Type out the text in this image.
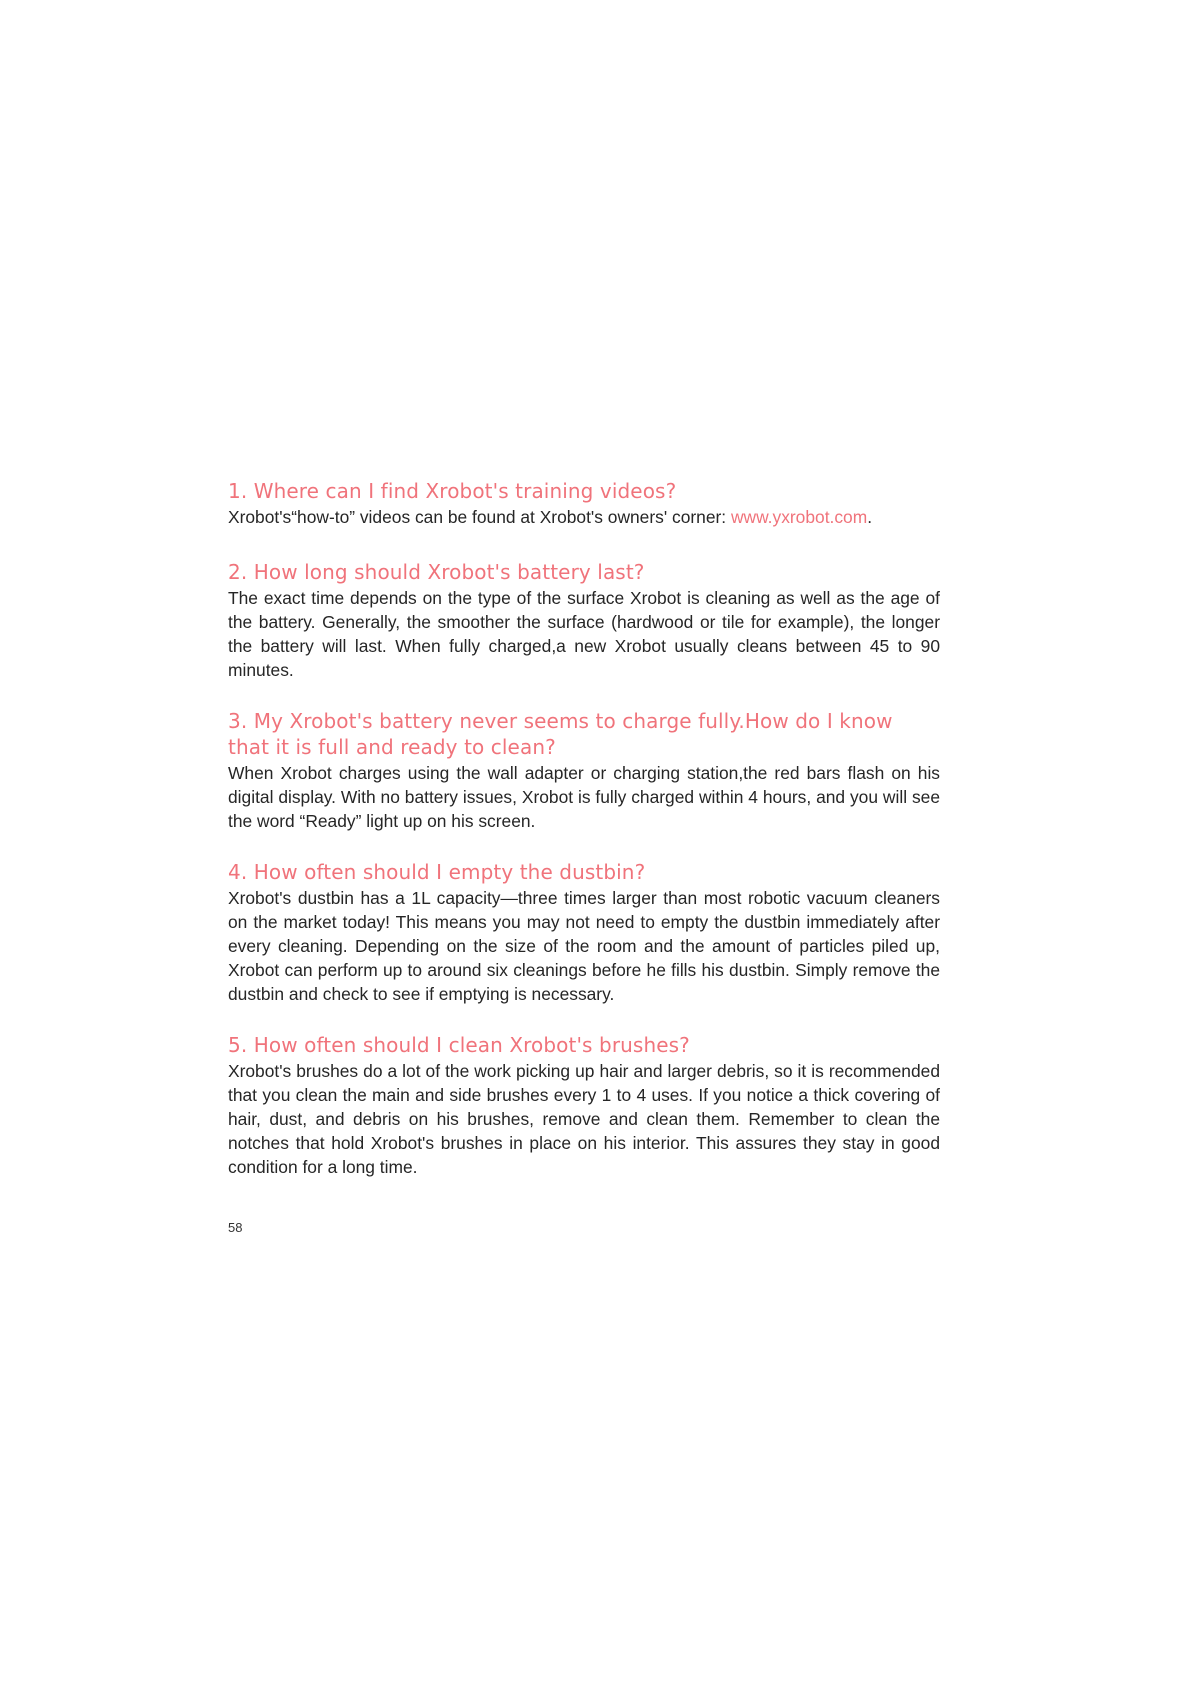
1. Where can I find Xrobot's training videos?

Xrobot's“how-to” videos can be found at Xrobot's owners' corner: www.yxrobot.com.

2. How long should Xrobot's battery last?

The exact time depends on the type of the surface Xrobot is cleaning as well as the age of the battery. Generally, the smoother the surface (hardwood or tile for example), the longer the battery will last. When fully charged,a new Xrobot usually cleans between 45 to 90 minutes.

3. My Xrobot's battery never seems to charge fully.How do I know that it is full and ready to clean?

When Xrobot charges using the wall adapter or charging station,the red bars flash on his digital display. With no battery issues, Xrobot is fully charged within 4 hours, and you will see the word “Ready” light up on his screen.

4. How often should I empty the dustbin?

Xrobot's dustbin has a 1L capacity—three times larger than most robotic vacuum cleaners on the market today! This means you may not need to empty the dustbin immediately after every cleaning. Depending on the size of the room and the amount of particles piled up, Xrobot can perform up to around six cleanings before he fills his dustbin. Simply remove the dustbin and check to see if emptying is necessary.

5. How often should I clean Xrobot's brushes?

Xrobot's brushes do a lot of the work picking up hair and larger debris, so it is recommended that you clean the main and side brushes every 1 to 4 uses. If you notice a thick covering of hair, dust, and debris on his brushes, remove and clean them. Remember to clean the notches that hold Xrobot's brushes in place on his interior. This assures they stay in good condition for a long time.

58
